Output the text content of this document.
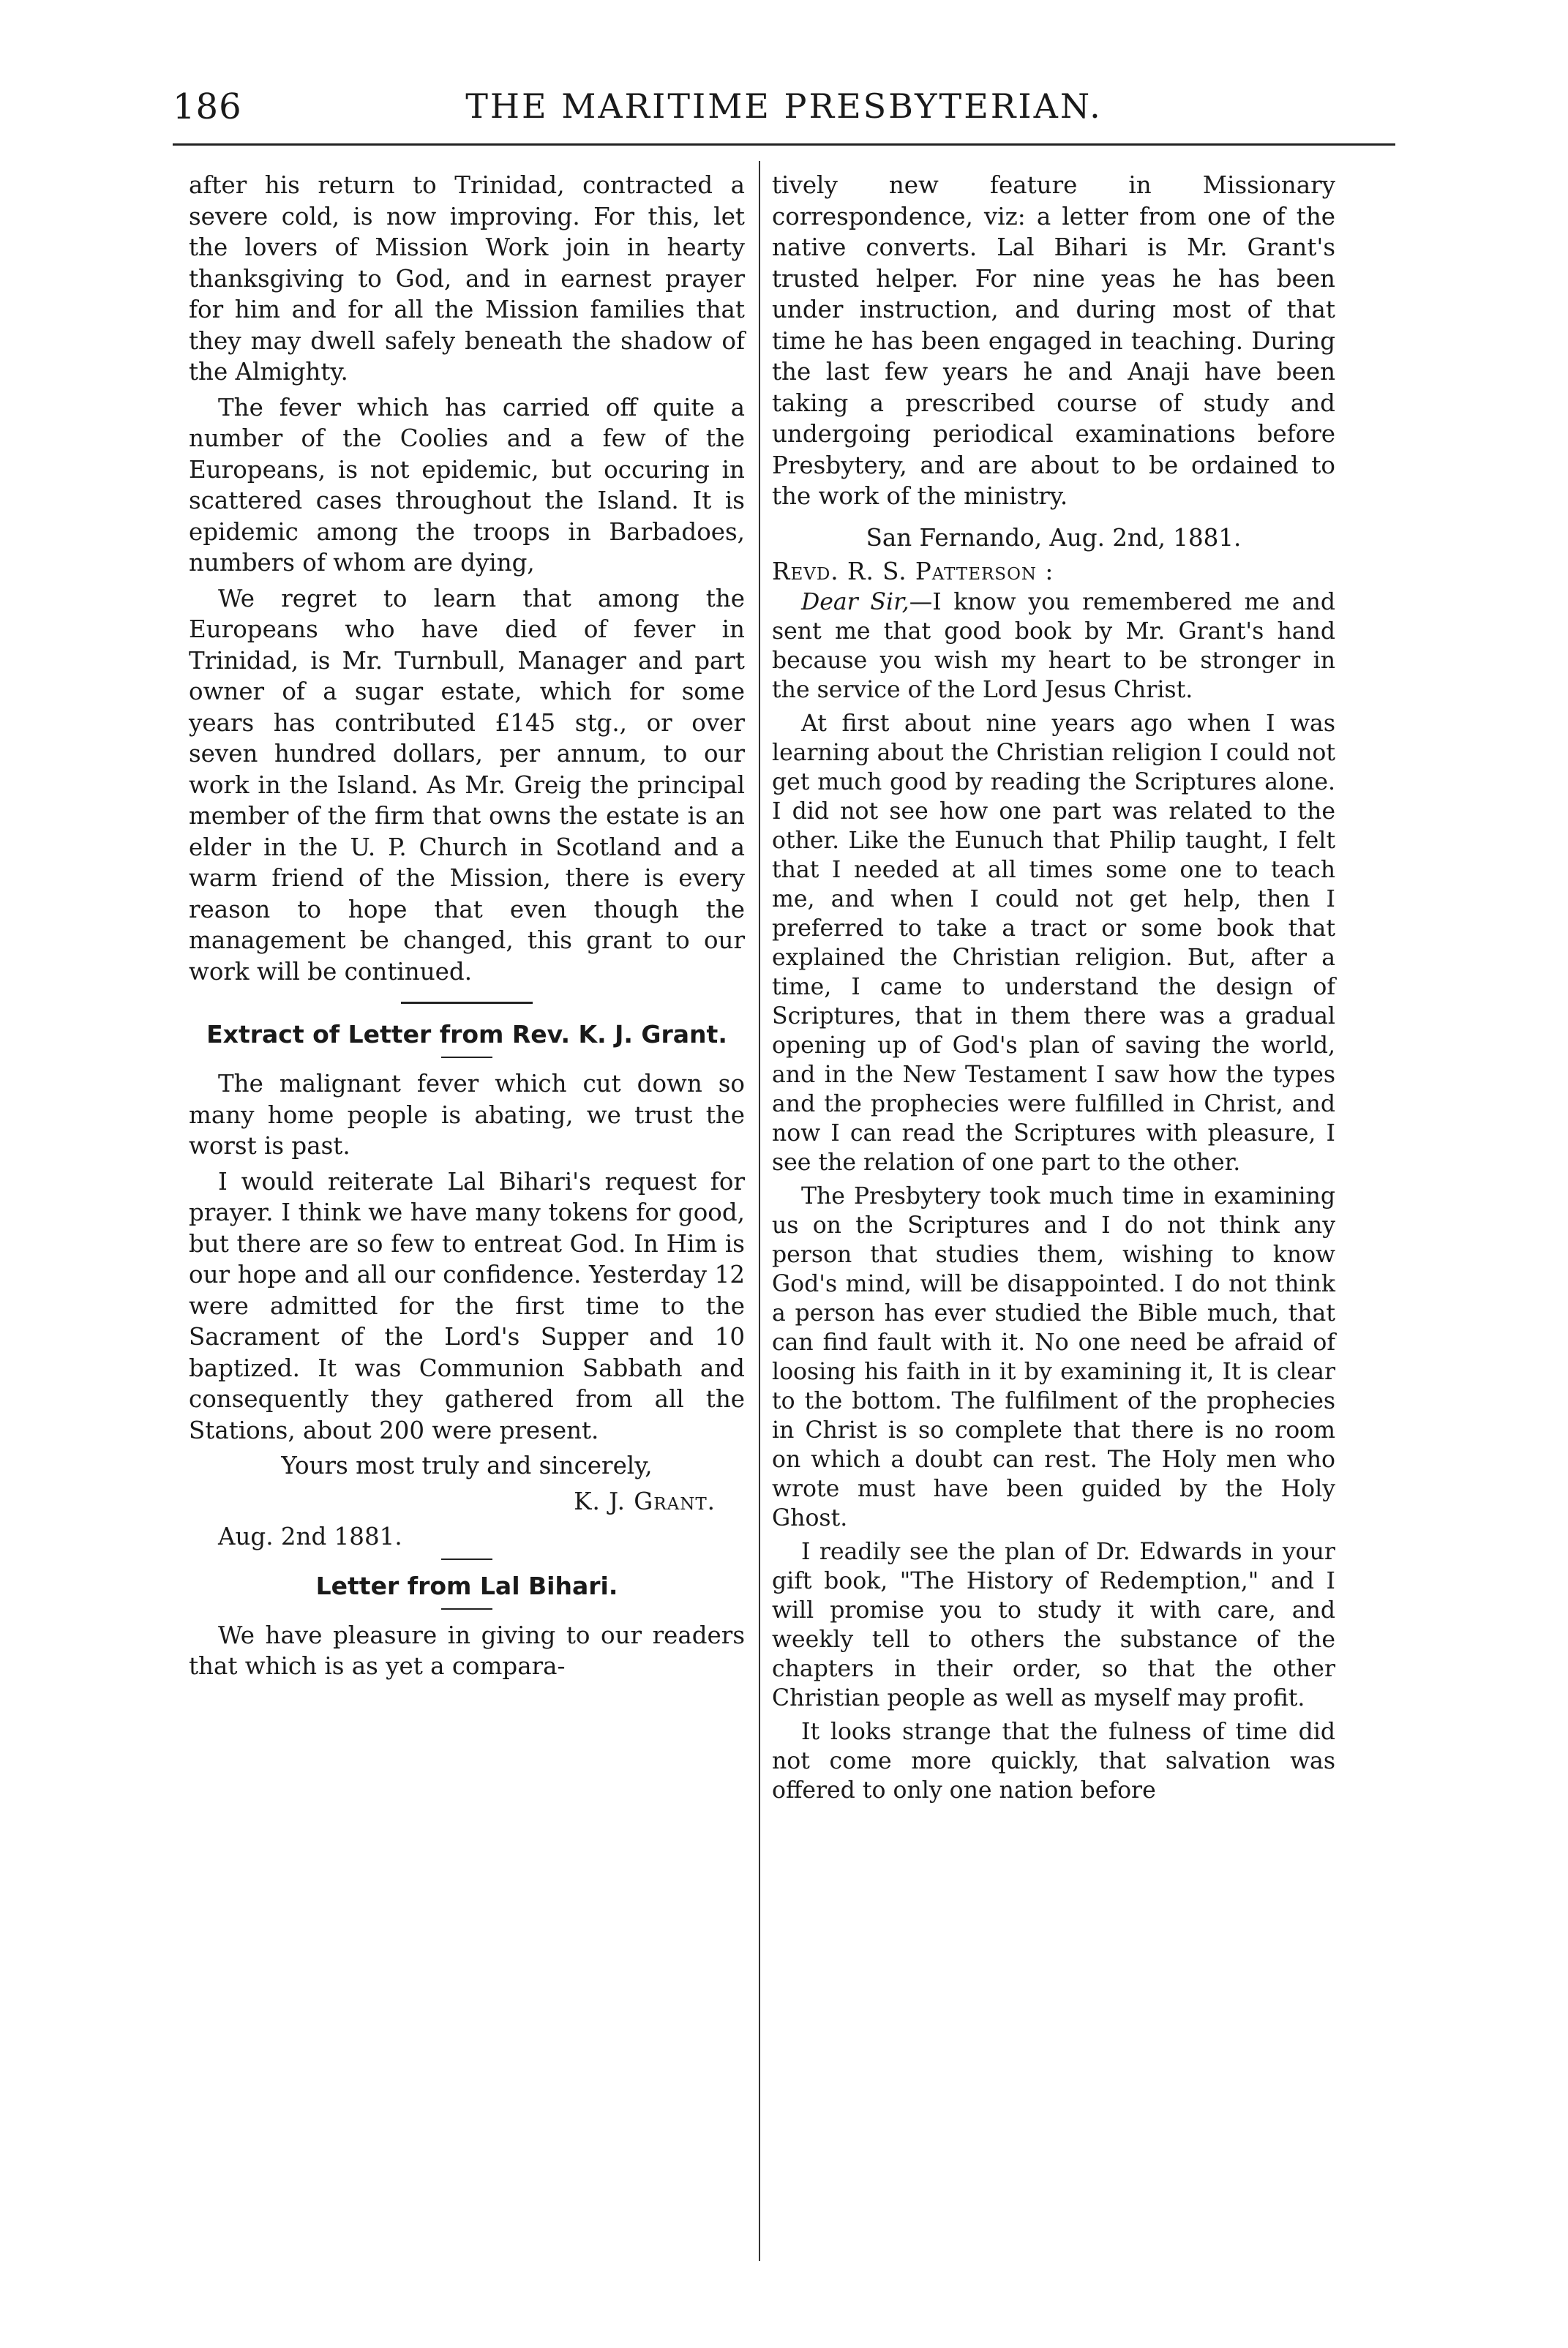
186	THE MARITIME PRESBYTERIAN.

after his return to Trinidad, contracted a severe cold, is now improving. For this, let the lovers of Mission Work join in hearty thanksgiving to God, and in earnest prayer for him and for all the Mission families that they may dwell safely beneath the shadow of the Almighty.

The fever which has carried off quite a number of the Coolies and a few of the Europeans, is not epidemic, but occuring in scattered cases throughout the Island. It is epidemic among the troops in Barbadoes, numbers of whom are dying,

We regret to learn that among the Europeans who have died of fever in Trinidad, is Mr. Turnbull, Manager and part owner of a sugar estate, which for some years has contributed £145 stg., or over seven hundred dollars, per annum, to our work in the Island. As Mr. Greig the principal member of the firm that owns the estate is an elder in the U. P. Church in Scotland and a warm friend of the Mission, there is every reason to hope that even though the management be changed, this grant to our work will be continued.

Extract of Letter from Rev. K. J. Grant.

The malignant fever which cut down so many home people is abating, we trust the worst is past.

I would reiterate Lal Bihari's request for prayer. I think we have many tokens for good, but there are so few to entreat God. In Him is our hope and all our confidence. Yesterday 12 were admitted for the first time to the Sacrament of the Lord's Supper and 10 baptized. It was Communion Sabbath and consequently they gathered from all the Stations, about 200 were present.

Yours most truly and sincerely,

K. J. Grant.

Aug. 2nd 1881.

Letter from Lal Bihari.

We have pleasure in giving to our readers that which is as yet a compara-

tively new feature in Missionary correspondence, viz: a letter from one of the native converts. Lal Bihari is Mr. Grant's trusted helper. For nine yeas he has been under instruction, and during most of that time he has been engaged in teaching. During the last few years he and Anaji have been taking a prescribed course of study and undergoing periodical examinations before Presbytery, and are about to be ordained to the work of the ministry.

San Fernando, Aug. 2nd, 1881.

Revd. R. S. Patterson :

Dear Sir,—I know you remembered me and sent me that good book by Mr. Grant's hand because you wish my heart to be stronger in the service of the Lord Jesus Christ.

At first about nine years ago when I was learning about the Christian religion I could not get much good by reading the Scriptures alone. I did not see how one part was related to the other. Like the Eunuch that Philip taught, I felt that I needed at all times some one to teach me, and when I could not get help, then I preferred to take a tract or some book that explained the Christian religion. But, after a time, I came to understand the design of Scriptures, that in them there was a gradual opening up of God's plan of saving the world, and in the New Testament I saw how the types and the prophecies were fulfilled in Christ, and now I can read the Scriptures with pleasure, I see the relation of one part to the other.

The Presbytery took much time in examining us on the Scriptures and I do not think any person that studies them, wishing to know God's mind, will be disappointed. I do not think a person has ever studied the Bible much, that can find fault with it. No one need be afraid of loosing his faith in it by examining it, It is clear to the bottom. The fulfilment of the prophecies in Christ is so complete that there is no room on which a doubt can rest. The Holy men who wrote must have been guided by the Holy Ghost.

I readily see the plan of Dr. Edwards in your gift book, "The History of Redemption," and I will promise you to study it with care, and weekly tell to others the substance of the chapters in their order, so that the other Christian people as well as myself may profit.

It looks strange that the fulness of time did not come more quickly, that salvation was offered to only one nation before
